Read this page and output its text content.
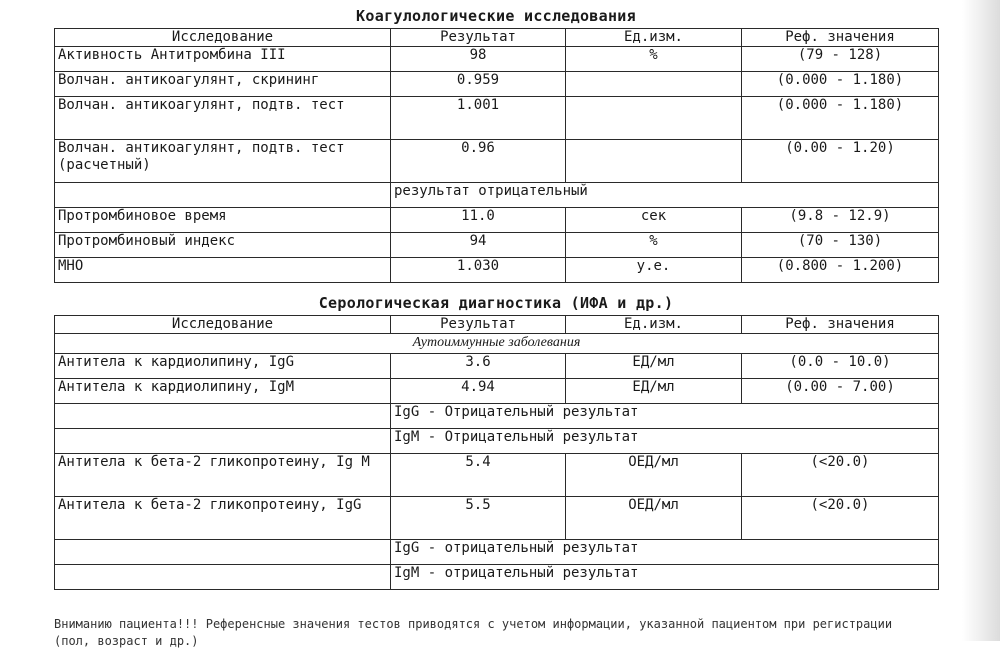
Коагулологические исследования
Исследование	Результат	Ед.изм.	Реф. значения
Активность Антитромбина III	98	%	(79 - 128)
Волчан. антикоагулянт, скрининг	0.959		(0.000 - 1.180)
Волчан. антикоагулянт, подтв. тест	1.001		(0.000 - 1.180)
Волчан. антикоагулянт, подтв. тест (расчетный)	0.96		(0.00 - 1.20)
	результат отрицательный		
Протромбиновое время	11.0	сек	(9.8 - 12.9)
Протромбиновый индекс	94	%	(70 - 130)
МНО	1.030	у.е.	(0.800 - 1.200)
Серологическая диагностика (ИФА и др.)
Исследование	Результат	Ед.изм.	Реф. значения
Аутоиммунные заболевания			
Антитела к кардиолипину, IgG	3.6	ЕД/мл	(0.0 - 10.0)
Антитела к кардиолипину, IgM	4.94	ЕД/мл	(0.00 - 7.00)
	IgG - Отрицательный результат		
	IgM - Отрицательный результат		
Антитела к бета-2 гликопротеину, Ig M	5.4	ОЕД/мл	(<20.0)
Антитела к бета-2 гликопротеину, IgG	5.5	ОЕД/мл	(<20.0)
	IgG - отрицательный результат		
	IgM - отрицательный результат		
Вниманию пациента!!! Референсные значения тестов приводятся с учетом информации, указанной пациентом при регистрации (пол, возраст и др.)
